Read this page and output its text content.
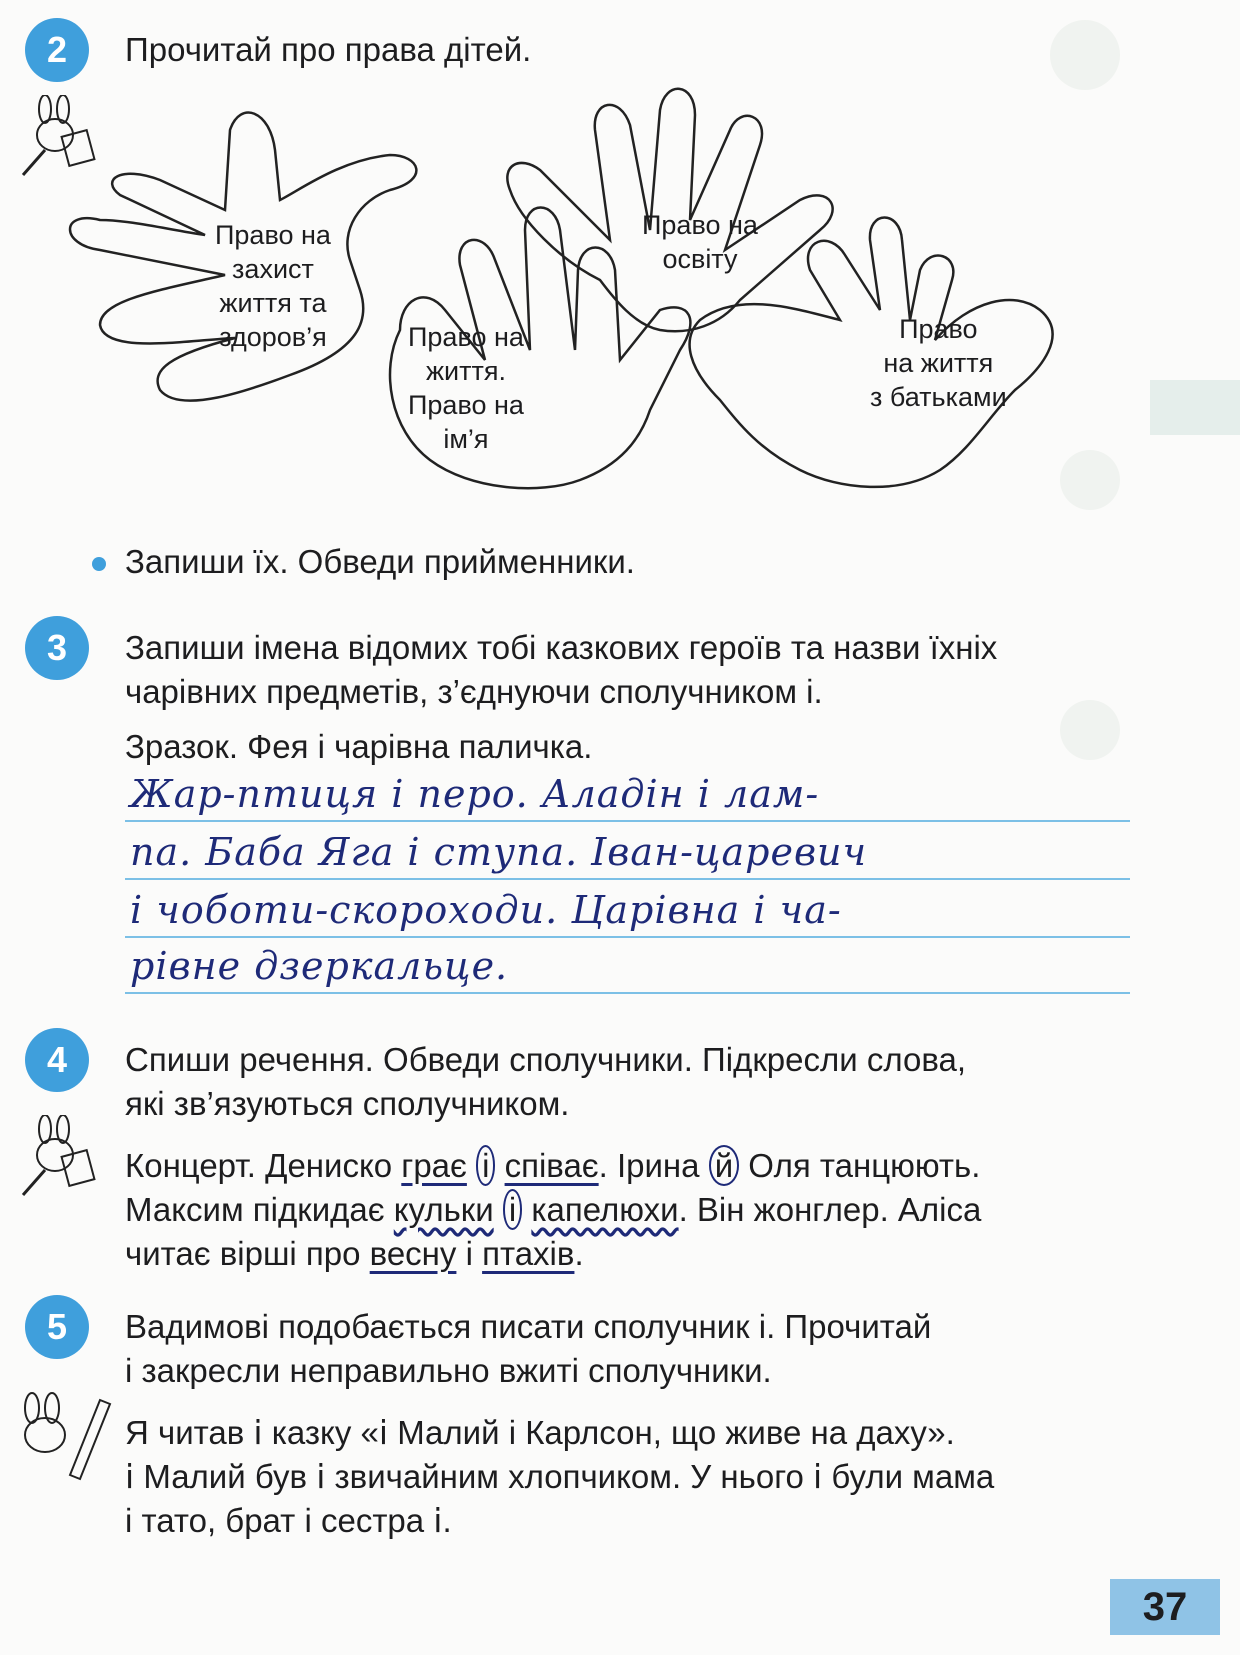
2	Прочитай про права дітей.
Право на
захист
життя та
здоров’я	Право на
життя.
Право на
ім’я
Право на
освіту
Право
на життя
з батьками
Запиши їх. Обведи прийменники.
3	Запиши імена відомих тобі казкових героїв та назви їхніх
чарівних предметів, з’єднуючи сполучником і.
Зразок. Фея і чарівна паличка.
Жар-птиця і перо. Аладін і лам-
па. Баба Яга і ступа. Іван-царевич
і чоботи-скороходи. Царівна і ча-
рівне дзеркальце.
4	Спиши речення. Обведи сполучники. Підкресли слова,
які зв’язуються сполучником.
Концерт. Дениско грає і співає. Ірина й Оля танцюють.
Максим підкидає кульки і капелюхи. Він жонглер. Аліса
читає вірші про весну і птахів.
5	Вадимові подобається писати сполучник і. Прочитай
і закресли неправильно вжиті сполучники.
Я читав ⅰ казку «ⅰ Малий і Карлсон, що живе на даху».
ⅰ Малий був ⅰ звичайним хлопчиком. У нього ⅰ були мама
і тато, брат і сестра ⅰ.
37
